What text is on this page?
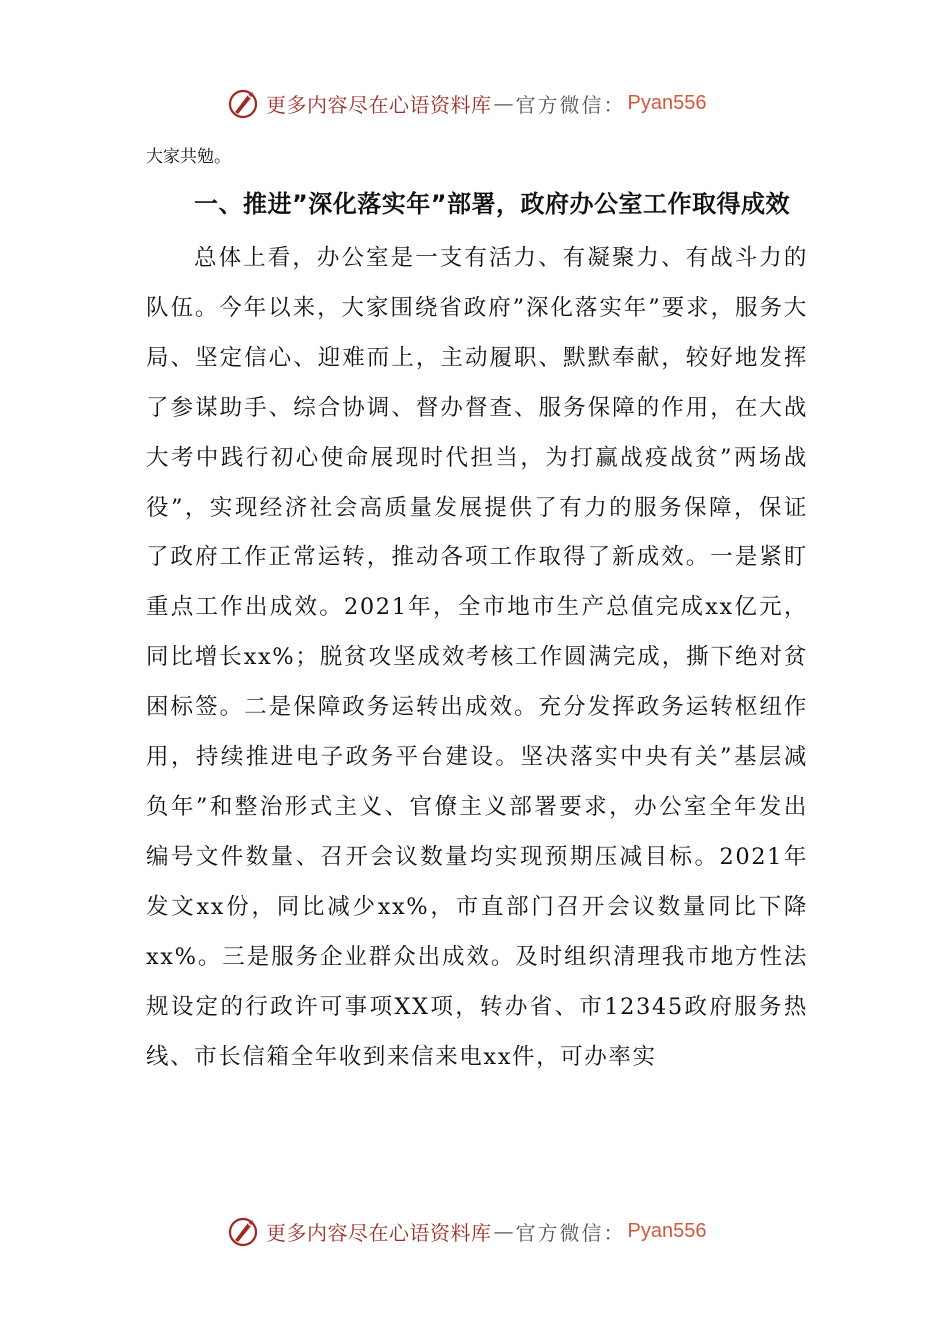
更多内容尽在心语资料库 — 官方微信： Pyan556

大家共勉。

一、推进”深化落实年”部署，政府办公室工作取得成效

总体上看，办公室是一支有活力、有凝聚力、有战斗力的队伍。今年以来，大家围绕省政府”深化落实年”要求，服务大局、坚定信心、迎难而上，主动履职、默默奉献，较好地发挥了参谋助手、综合协调、督办督查、服务保障的作用，在大战大考中践行初心使命展现时代担当，为打赢战疫战贫”两场战役”，实现经济社会高质量发展提供了有力的服务保障，保证了政府工作正常运转，推动各项工作取得了新成效。一是紧盯重点工作出成效。2021年，全市地市生产总值完成xx亿元，同比增长xx%；脱贫攻坚成效考核工作圆满完成，撕下绝对贫困标签。二是保障政务运转出成效。充分发挥政务运转枢纽作用，持续推进电子政务平台建设。坚决落实中央有关”基层减负年”和整治形式主义、官僚主义部署要求，办公室全年发出编号文件数量、召开会议数量均实现预期压减目标。2021年发文xx份，同比减少xx%，市直部门召开会议数量同比下降xx%。三是服务企业群众出成效。及时组织清理我市地方性法规设定的行政许可事项XX项，转办省、市12345政府服务热线、市长信箱全年收到来信来电xx件，可办率实

更多内容尽在心语资料库 — 官方微信： Pyan556
